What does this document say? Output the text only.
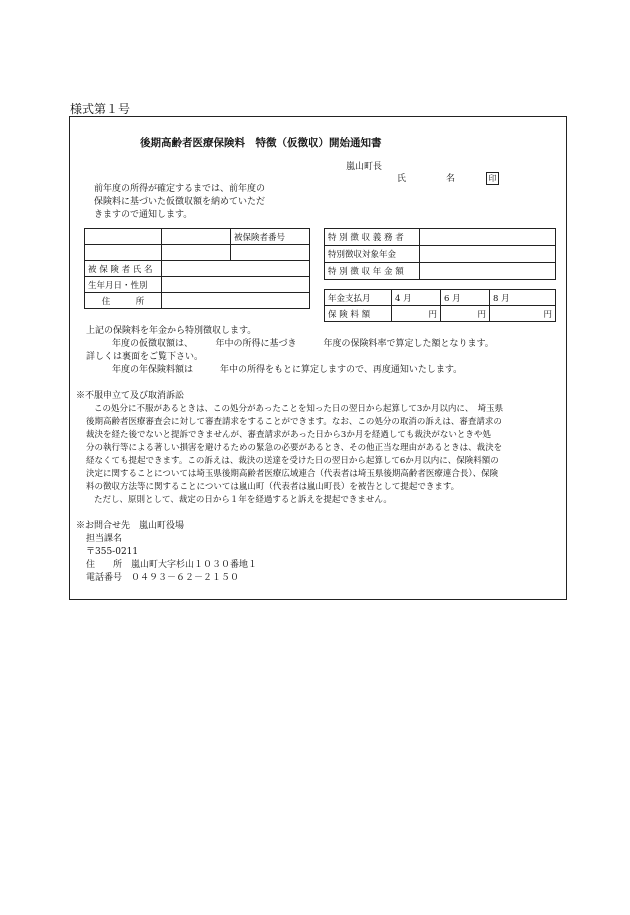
様式第１号
後期高齢者医療保険料　特徴（仮徴収）開始通知書
嵐山町長
氏	名	印
前年度の所得が確定するまでは、前年度の
保険料に基づいた仮徴収額を納めていただ
きますので通知します。
		被保険者番号

被 保 険 者 氏 名		
生年月日・性別		
住　　　所		
特 別 徴 収 義 務 者	
特別徴収対象年金	
特 別 徴 収 年 金 額	
年金支払月	4 月	6 月	8 月
保 険 料 額	円	円	円
上記の保険料を年金から特別徴収します。
年度の仮徴収額は、　　　年中の所得に基づき　　　年度の保険料率で算定した額となります。
詳しくは裏面をご覧下さい。
年度の年保険料額は　　　年中の所得をもとに算定しますので、再度通知いたします。
※不服申立て及び取消訴訟
この処分に不服があるときは、この処分があったことを知った日の翌日から起算して3か月以内に、　埼玉県
後期高齢者医療審査会に対して審査請求をすることができます。なお、この処分の取消の訴えは、審査請求の
裁決を経た後でないと提訴できませんが、審査請求があった日から3か月を経過しても裁決がないときや処
分の執行等による著しい損害を避けるための緊急の必要があるとき、その他正当な理由があるときは、裁決を
経なくても提起できます。この訴えは、裁決の送達を受けた日の翌日から起算して6か月以内に、保険料額の
決定に関することについては埼玉県後期高齢者医療広域連合（代表者は埼玉県後期高齢者医療連合長）、保険
料の徴収方法等に関することについては嵐山町（代表者は嵐山町長）を被告として提起できます。
ただし、原則として、裁定の日から１年を経過すると訴えを提起できません。
※お問合せ先　嵐山町役場
担当課名
〒355-0211
住　　所　嵐山町大字杉山１０３０番地１
電話番号　０４９３－６２－２１５０
